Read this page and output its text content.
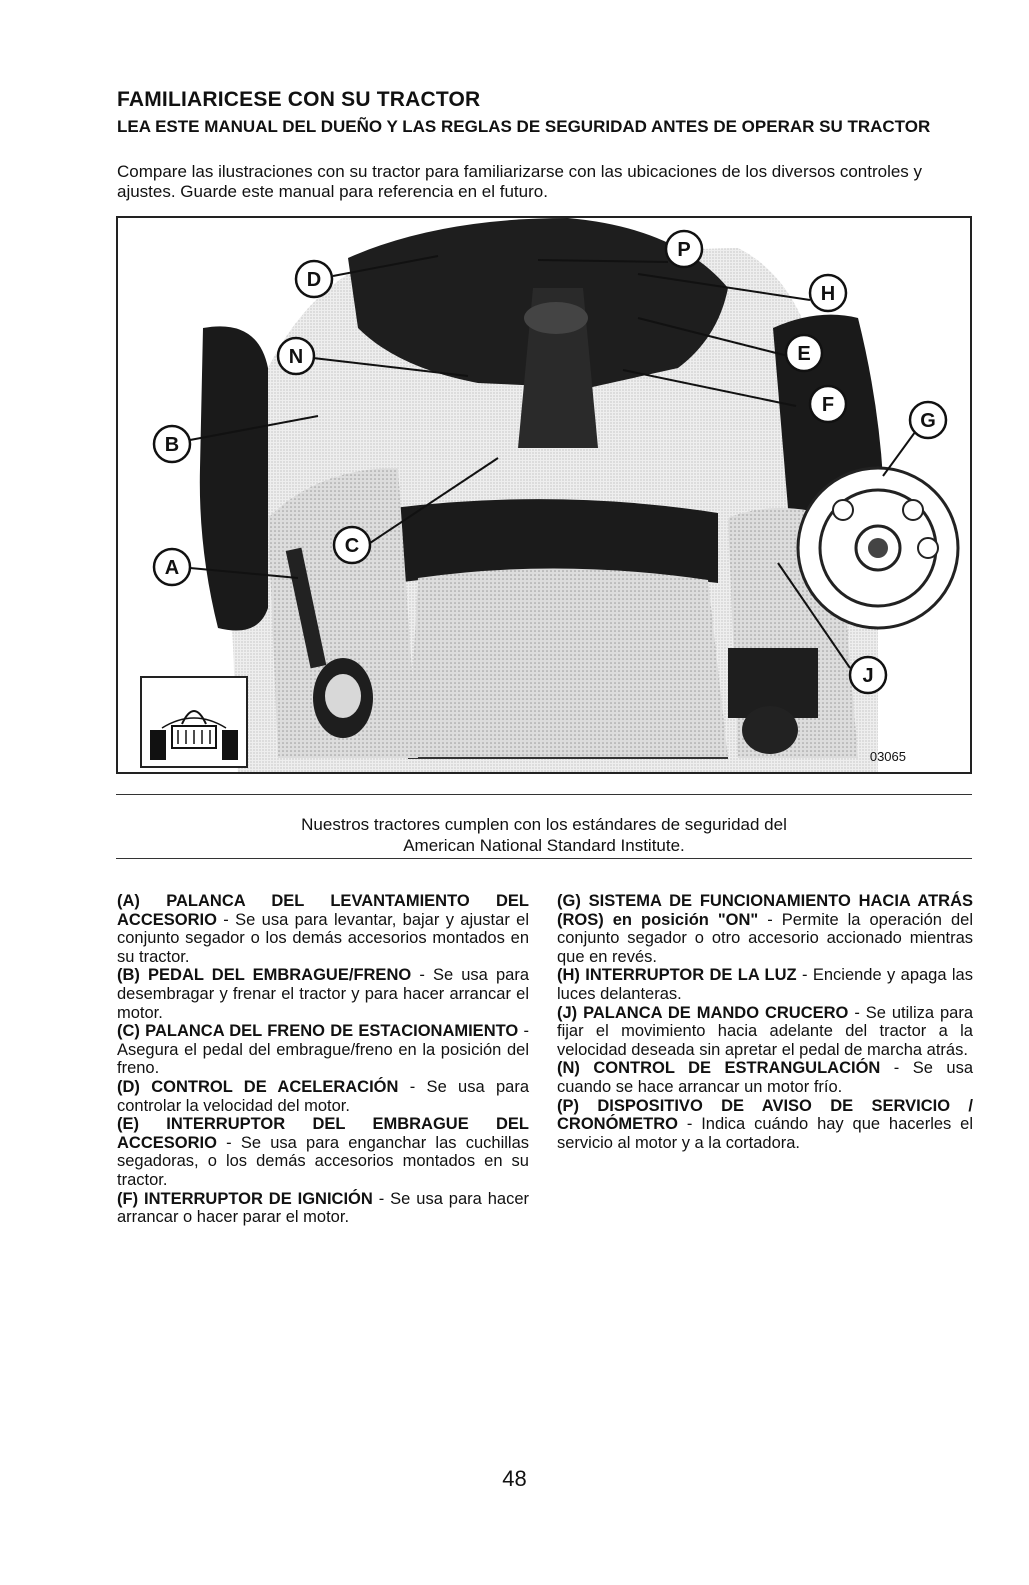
FAMILIARICESE CON SU TRACTOR
LEA ESTE MANUAL DEL DUEÑO Y LAS REGLAS DE SEGURIDAD ANTES DE OPERAR SU TRACTOR
Compare las ilustraciones con su tractor para familiarizarse con las ubicaciones de los diversos controles y ajustes. Guarde este manual para referencia en el futuro.
D
P
H
N	E
B
F
G
C
A
J
03065
Nuestros tractores cumplen con los estándares de seguridad del
American National Standard Institute.

(A) PALANCA DEL LEVANTAMIENTO DEL ACCESORIO - Se usa para levantar, bajar y ajustar el conjunto segador o los demás accesorios montados en su tractor.

(B) PEDAL DEL EMBRAGUE/FRENO - Se usa para desembragar y frenar el tractor y para hacer arrancar el motor.

(C) PALANCA DEL FRENO DE ESTACIONAMIENTO - Asegura el pedal del embrague/freno en la posición del freno.

(D) CONTROL DE ACELERACIÓN - Se usa para controlar la velocidad del motor.

(E) INTERRUPTOR DEL EMBRAGUE DEL ACCESORIO - Se usa para enganchar las cuchillas segadoras, o los demás accesorios montados en su tractor.

(F) INTERRUPTOR DE IGNICIÓN - Se usa para hacer arrancar o hacer parar el motor.

(G) SISTEMA DE FUNCIONAMIENTO HACIA ATRÁS (ROS) en posición "ON" - Permite la operación del conjunto segador o otro accesorio accionado mientras que en revés.

(H) INTERRUPTOR DE LA LUZ - Enciende y apaga las luces delanteras.

(J) PALANCA DE MANDO CRUCERO - Se utiliza para fijar el movimiento hacia adelante del tractor a la velocidad deseada sin apretar el pedal de marcha atrás.

(N) CONTROL DE ESTRANGULACIÓN - Se usa cuando se hace arrancar un motor frío.

(P) DISPOSITIVO DE AVISO DE SERVICIO / CRONÓMETRO - Indica cuándo hay que hacerles el servicio al motor y a la cortadora.

48
